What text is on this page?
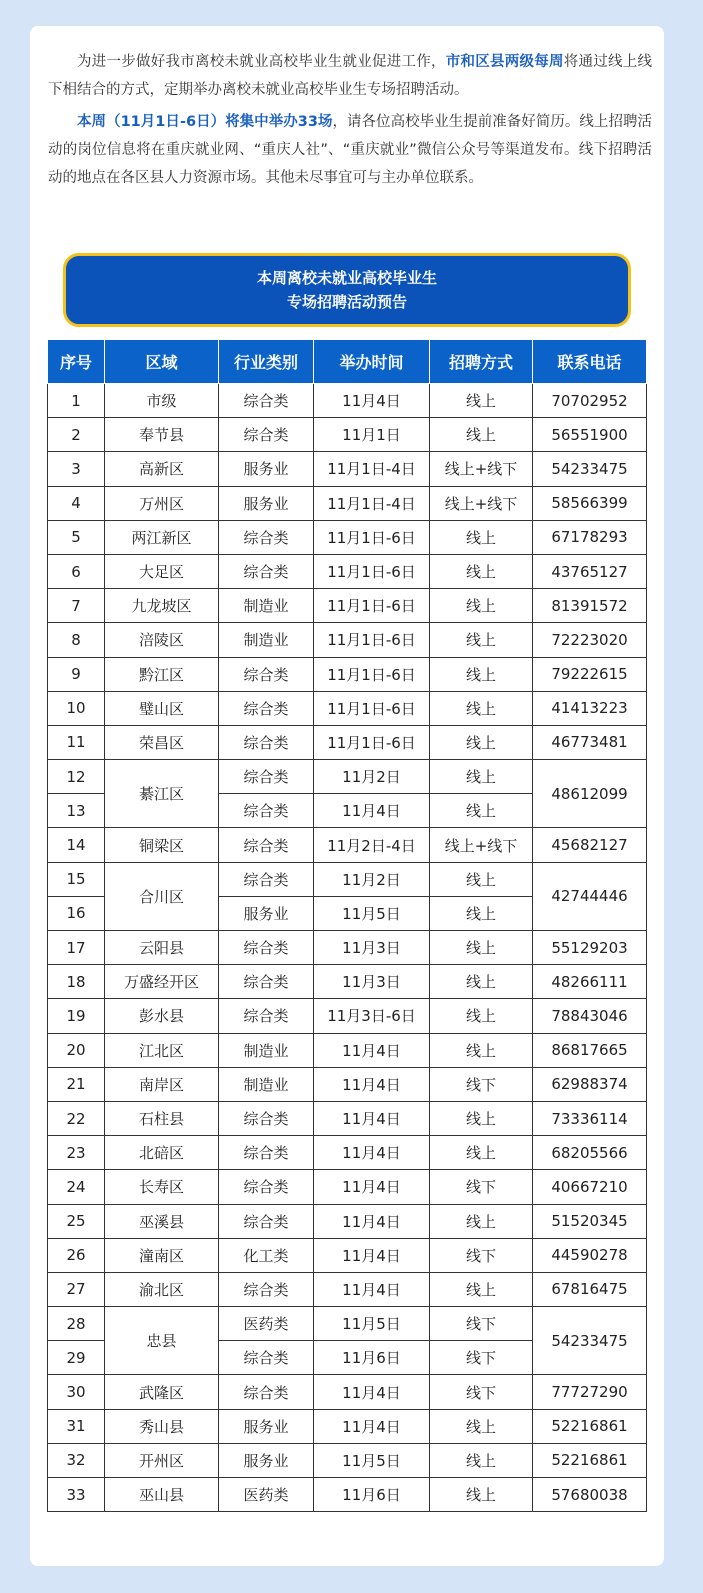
为进一步做好我市离校未就业高校毕业生就业促进工作，市和区县两级每周将通过线上线下相结合的方式，定期举办离校未就业高校毕业生专场招聘活动。

本周（11月1日-6日）将集中举办33场，请各位高校毕业生提前准备好简历。线上招聘活动的岗位信息将在重庆就业网、“重庆人社”、“重庆就业”微信公众号等渠道发布。线下招聘活动的地点在各区县人力资源市场。其他未尽事宜可与主办单位联系。

本周离校未就业高校毕业生
专场招聘活动预告
序号	区域	行业类别	举办时间	招聘方式	联系电话
1	市级	综合类	11月4日	线上	70702952
2	奉节县	综合类	11月1日	线上	56551900
3	高新区	服务业	11月1日-4日	线上+线下	54233475
4	万州区	服务业	11月1日-4日	线上+线下	58566399
5	两江新区	综合类	11月1日-6日	线上	67178293
6	大足区	综合类	11月1日-6日	线上	43765127
7	九龙坡区	制造业	11月1日-6日	线上	81391572
8	涪陵区	制造业	11月1日-6日	线上	72223020
9	黔江区	综合类	11月1日-6日	线上	79222615
10	璧山区	综合类	11月1日-6日	线上	41413223
11	荣昌区	综合类	11月1日-6日	线上	46773481
12	綦江区	综合类	11月2日	线上	48612099
13		综合类	11月4日	线上	
14	铜梁区	综合类	11月2日-4日	线上+线下	45682127
15	合川区	综合类	11月2日	线上	42744446
16		服务业	11月5日	线上	
17	云阳县	综合类	11月3日	线上	55129203
18	万盛经开区	综合类	11月3日	线上	48266111
19	彭水县	综合类	11月3日-6日	线上	78843046
20	江北区	制造业	11月4日	线上	86817665
21	南岸区	制造业	11月4日	线下	62988374
22	石柱县	综合类	11月4日	线上	73336114
23	北碚区	综合类	11月4日	线上	68205566
24	长寿区	综合类	11月4日	线下	40667210
25	巫溪县	综合类	11月4日	线上	51520345
26	潼南区	化工类	11月4日	线下	44590278
27	渝北区	综合类	11月4日	线上	67816475
28	忠县	医药类	11月5日	线下	54233475
29		综合类	11月6日	线下	
30	武隆区	综合类	11月4日	线下	77727290
31	秀山县	服务业	11月4日	线上	52216861
32	开州区	服务业	11月5日	线上	52216861
33	巫山县	医药类	11月6日	线上	57680038
